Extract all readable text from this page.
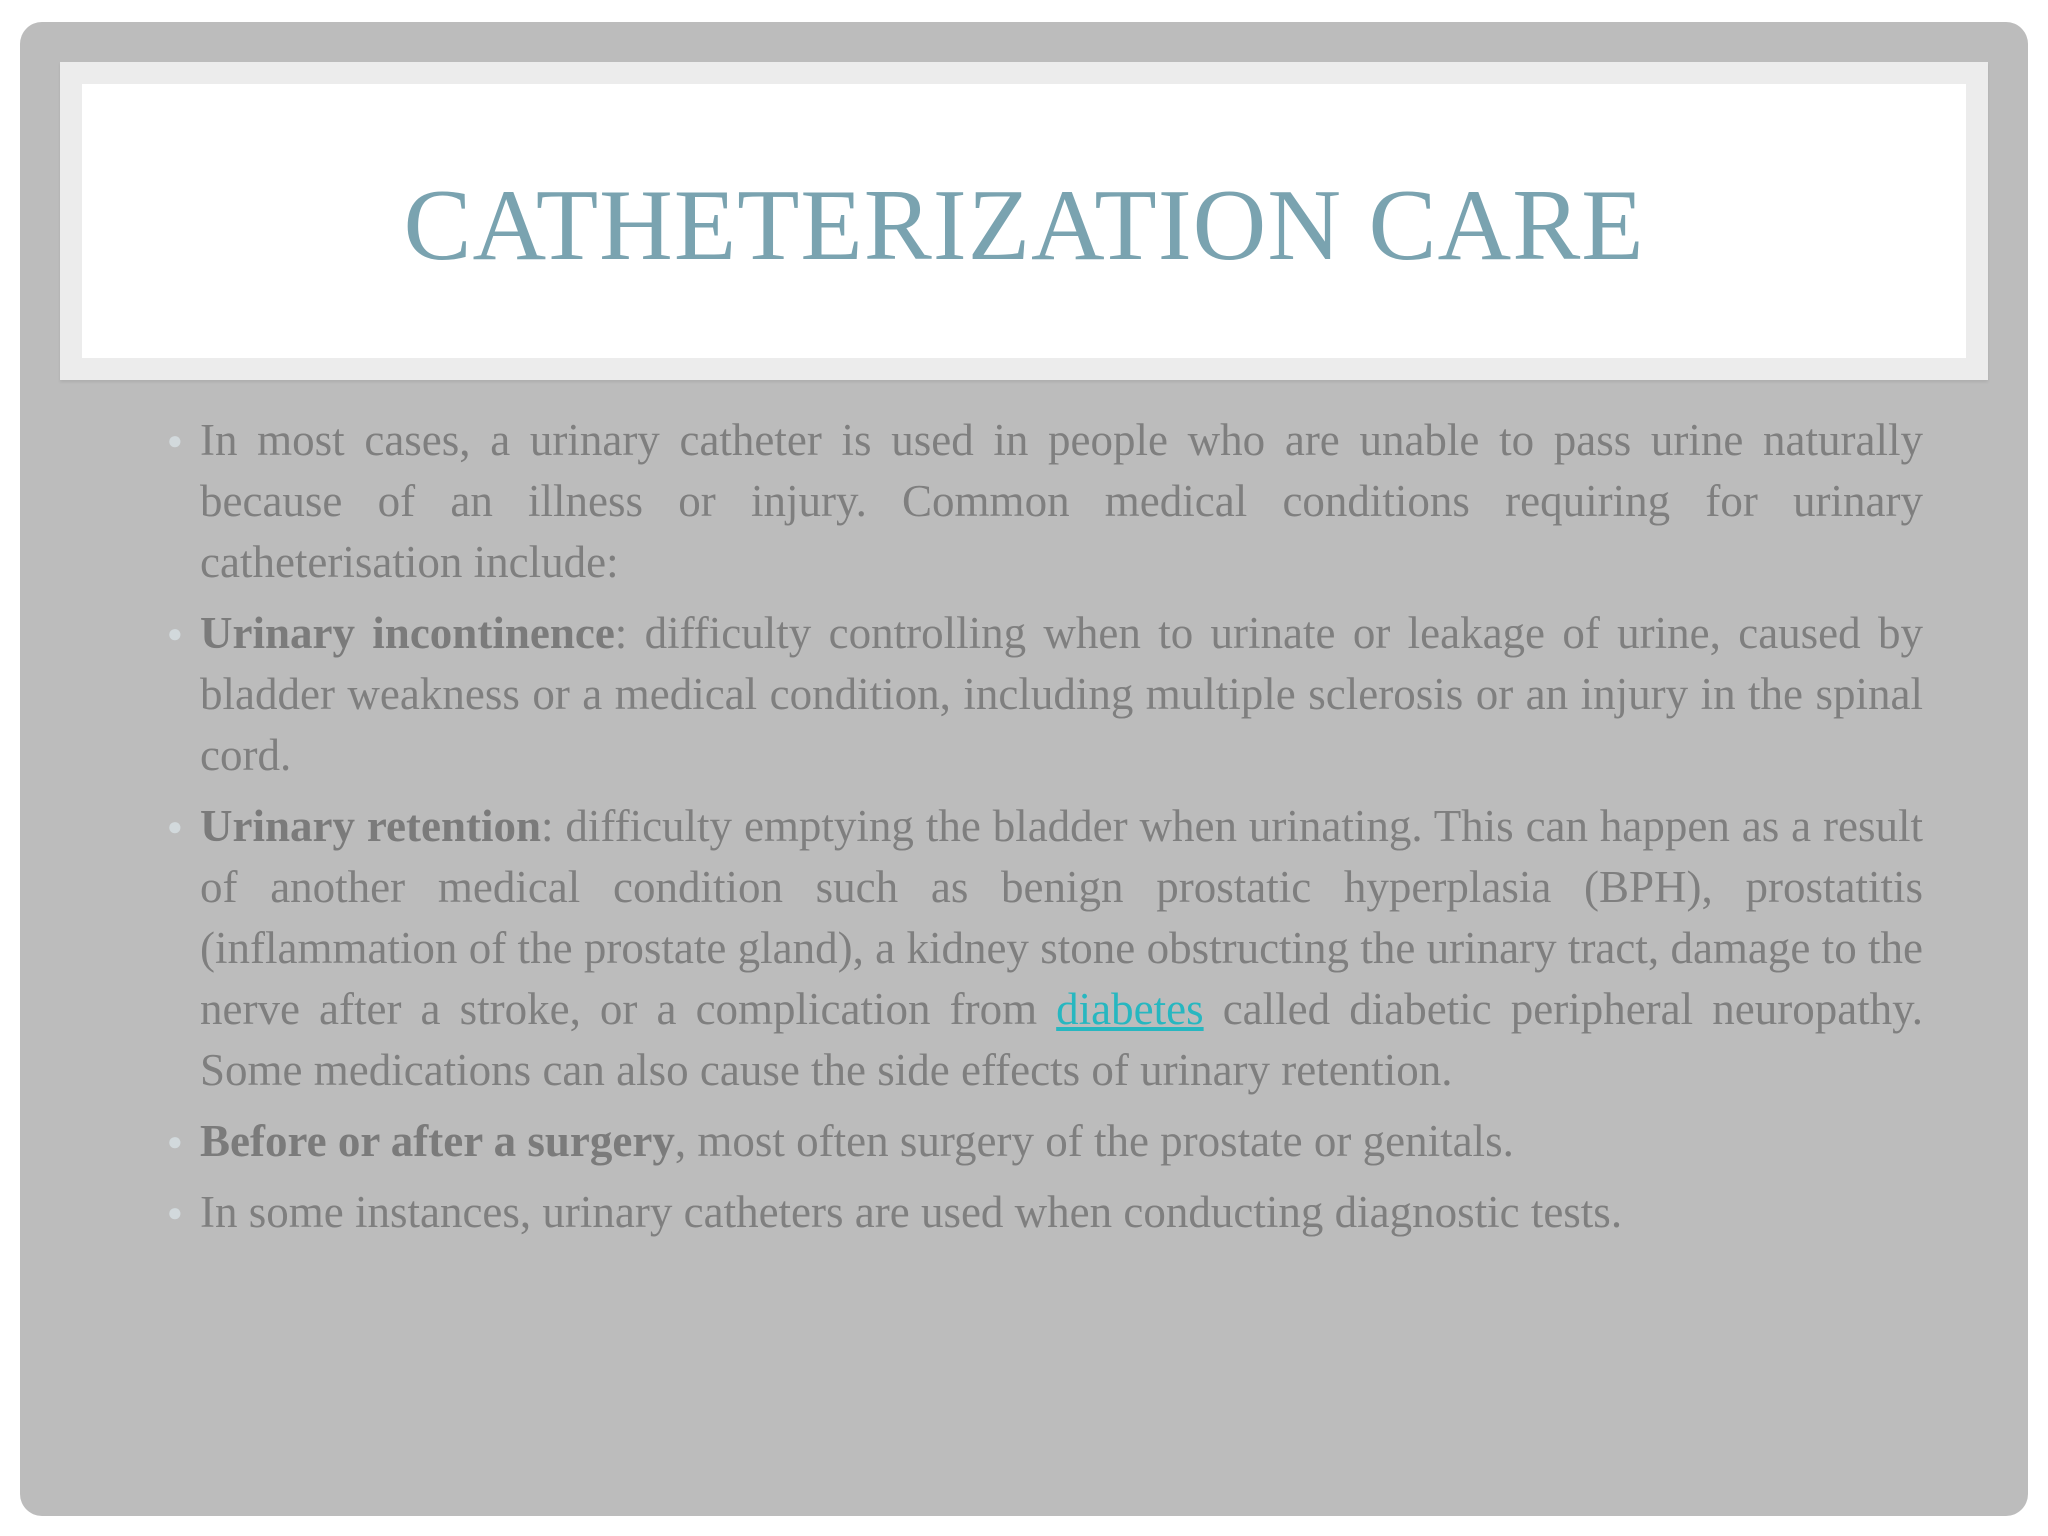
CATHETERIZATION CARE
● In most cases, a urinary catheter is used in people who are unable to pass urine naturally because of an illness or injury. Common medical conditions requiring for urinary catheterisation include:
● Urinary incontinence: difficulty controlling when to urinate or leakage of urine, caused by bladder weakness or a medical condition, including multiple sclerosis or an injury in the spinal cord.
● Urinary retention: difficulty emptying the bladder when urinating. This can happen as a result of another medical condition such as benign prostatic hyperplasia (BPH), prostatitis (inflammation of the prostate gland), a kidney stone obstructing the urinary tract, damage to the nerve after a stroke, or a complication from diabetes called diabetic peripheral neuropathy. Some medications can also cause the side effects of urinary retention.
● Before or after a surgery, most often surgery of the prostate or genitals.
● In some instances, urinary catheters are used when conducting diagnostic tests.
